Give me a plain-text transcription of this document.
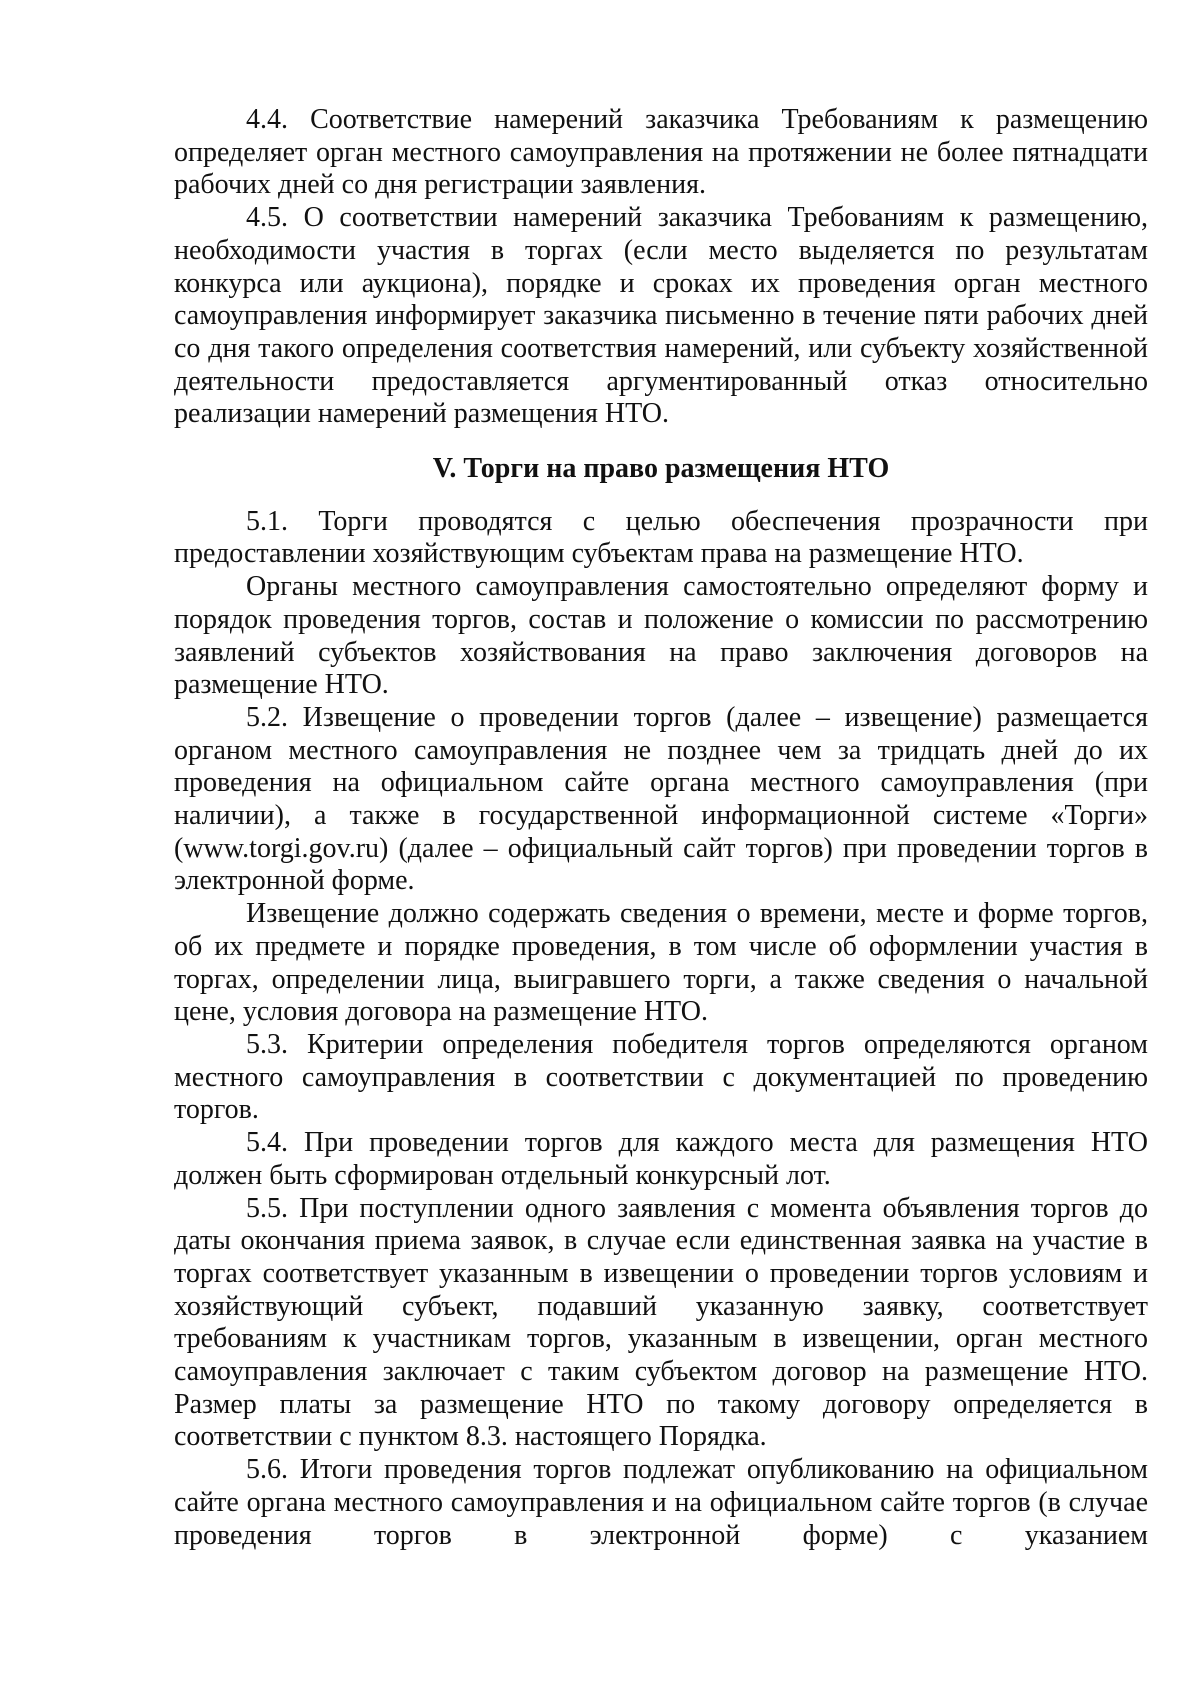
4.4. Соответствие намерений заказчика Требованиям к размещению определяет орган местного самоуправления на протяжении не более пятнадцати рабочих дней со дня регистрации заявления.

4.5. О соответствии намерений заказчика Требованиям к размещению, необходимости участия в торгах (если место выделяется по результатам конкурса или аукциона), порядке и сроках их проведения орган местного самоуправления информирует заказчика письменно в течение пяти рабочих дней со дня такого определения соответствия намерений, или субъекту хозяйственной деятельности предоставляется аргументированный отказ относительно реализации намерений размещения НТО.

V. Торги на право размещения НТО

5.1. Торги проводятся с целью обеспечения прозрачности при предоставлении хозяйствующим субъектам права на размещение НТО.

Органы местного самоуправления самостоятельно определяют форму и порядок проведения торгов, состав и положение о комиссии по рассмотрению заявлений субъектов хозяйствования на право заключения договоров на размещение НТО.

5.2. Извещение о проведении торгов (далее – извещение) размещается органом местного самоуправления не позднее чем за тридцать дней до их проведения на официальном сайте органа местного самоуправления (при наличии), а также в государственной информационной системе «Торги» (www.torgi.gov.ru) (далее – официальный сайт торгов) при проведении торгов в электронной форме.

Извещение должно содержать сведения о времени, месте и форме торгов, об их предмете и порядке проведения, в том числе об оформлении участия в торгах, определении лица, выигравшего торги, а также сведения о начальной цене, условия договора на размещение НТО.

5.3. Критерии определения победителя торгов определяются органом местного самоуправления в соответствии с документацией по проведению торгов.

5.4. При проведении торгов для каждого места для размещения НТО должен быть сформирован отдельный конкурсный лот.

5.5. При поступлении одного заявления с момента объявления торгов до даты окончания приема заявок, в случае если единственная заявка на участие в торгах соответствует указанным в извещении о проведении торгов условиям и хозяйствующий субъект, подавший указанную заявку, соответствует требованиям к участникам торгов, указанным в извещении, орган местного самоуправления заключает с таким субъектом договор на размещение НТО. Размер платы за размещение НТО по такому договору определяется в соответствии с пунктом 8.3. настоящего Порядка.

5.6. Итоги проведения торгов подлежат опубликованию на официальном сайте органа местного самоуправления и на официальном сайте торгов (в случае проведения торгов в электронной форме) с указанием
